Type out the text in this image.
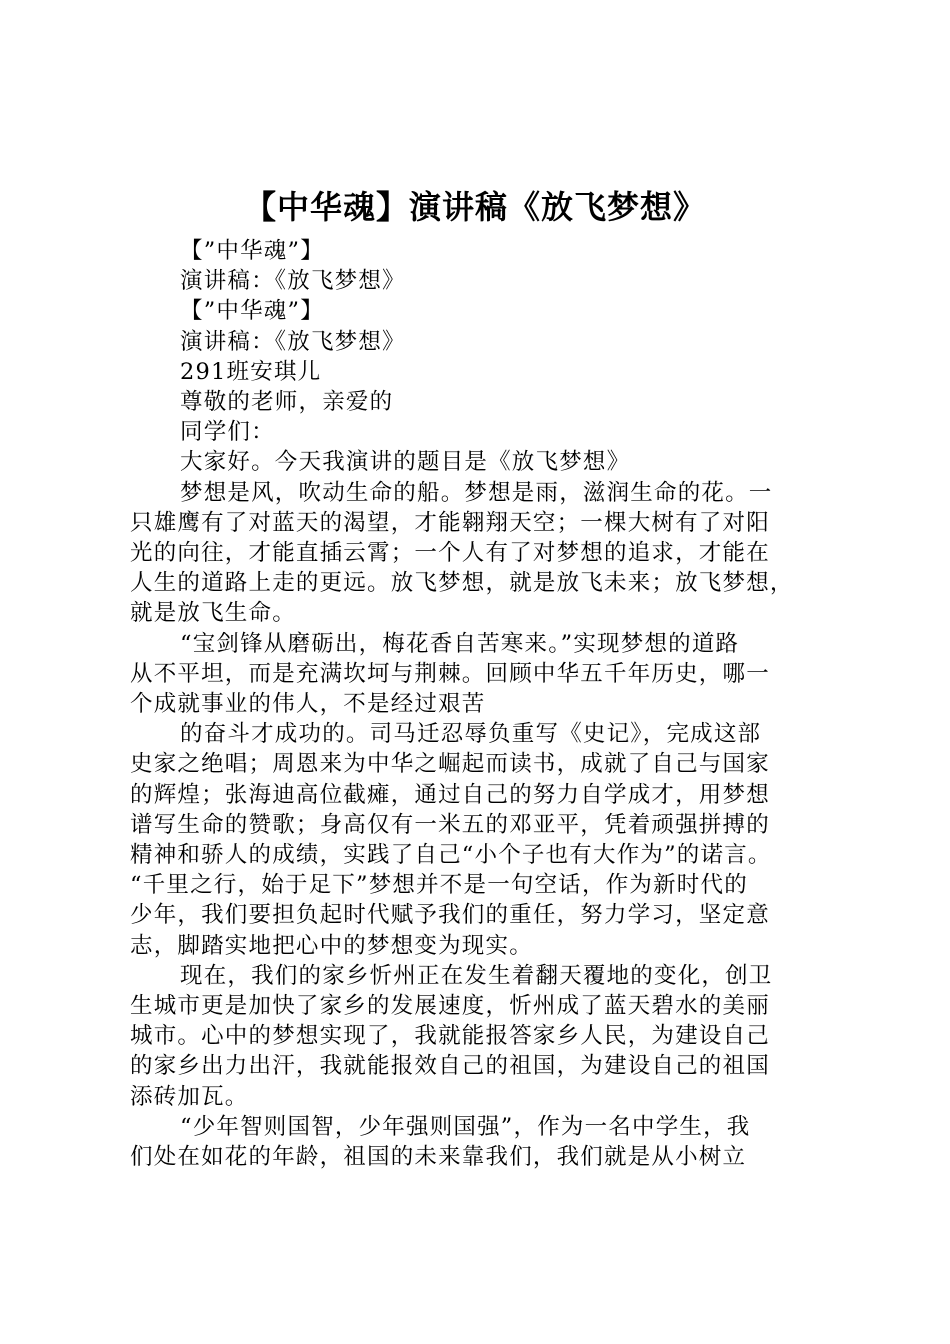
【中华魂】演讲稿《放飞梦想》

【”中华魂”】

演讲稿：《放飞梦想》

【”中华魂”】

演讲稿：《放飞梦想》

291班安琪儿

尊敬的老师，亲爱的

同学们：

大家好。今天我演讲的题目是《放飞梦想》

梦想是风，吹动生命的船。梦想是雨，滋润生命的花。一

只雄鹰有了对蓝天的渴望，才能翱翔天空；一棵大树有了对阳

光的向往，才能直插云霄；一个人有了对梦想的追求，才能在

人生的道路上走的更远。放飞梦想，就是放飞未来；放飞梦想，

就是放飞生命。

“宝剑锋从磨砺出，梅花香自苦寒来。”实现梦想的道路

从不平坦，而是充满坎坷与荆棘。回顾中华五千年历史，哪一

个成就事业的伟人，不是经过艰苦

的奋斗才成功的。司马迁忍辱负重写《史记》，完成这部

史家之绝唱；周恩来为中华之崛起而读书，成就了自己与国家

的辉煌；张海迪高位截瘫，通过自己的努力自学成才，用梦想

谱写生命的赞歌；身高仅有一米五的邓亚平，凭着顽强拼搏的

精神和骄人的成绩，实践了自己“小个子也有大作为”的诺言。

“千里之行，始于足下”梦想并不是一句空话，作为新时代的

少年，我们要担负起时代赋予我们的重任，努力学习，坚定意

志，脚踏实地把心中的梦想变为现实。

现在，我们的家乡忻州正在发生着翻天覆地的变化，创卫

生城市更是加快了家乡的发展速度，忻州成了蓝天碧水的美丽

城市。心中的梦想实现了，我就能报答家乡人民，为建设自己

的家乡出力出汗，我就能报效自己的祖国，为建设自己的祖国

添砖加瓦。

“少年智则国智，少年强则国强”，作为一名中学生，我

们处在如花的年龄，祖国的未来靠我们，我们就是从小树立
